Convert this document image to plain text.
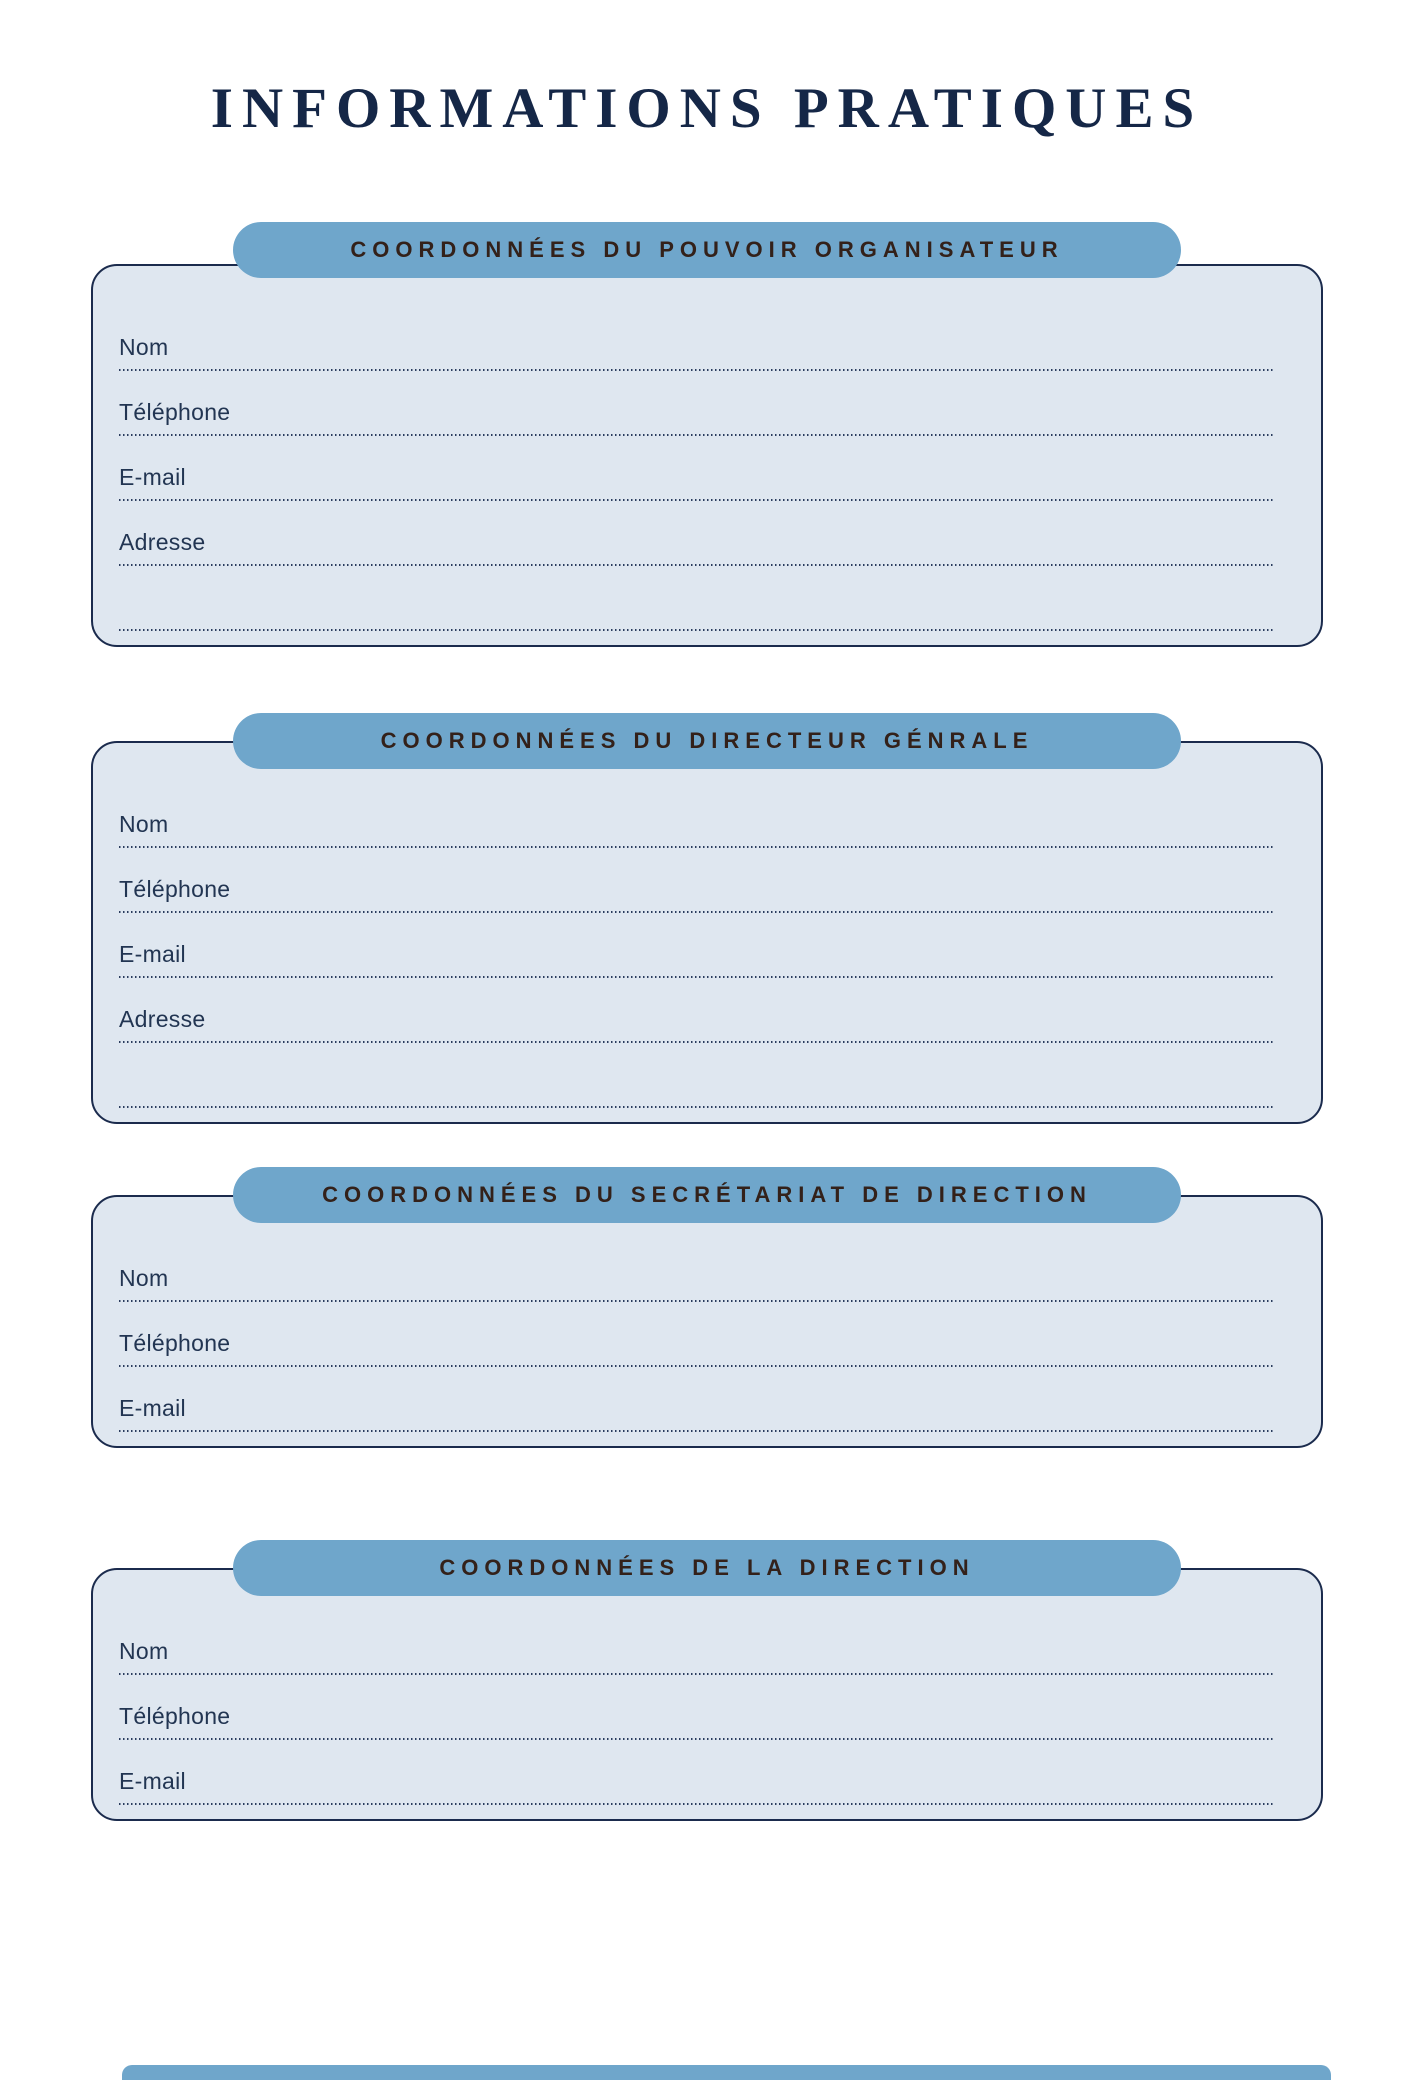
INFORMATIONS PRATIQUES
COORDONNÉES DU POUVOIR ORGANISATEUR
Nom
Téléphone
E-mail
Adresse
COORDONNÉES DU DIRECTEUR GÉNRALE
Nom
Téléphone
E-mail
Adresse
COORDONNÉES DU SECRÉTARIAT DE DIRECTION
Nom
Téléphone
E-mail
COORDONNÉES DE LA DIRECTION
Nom
Téléphone
E-mail
